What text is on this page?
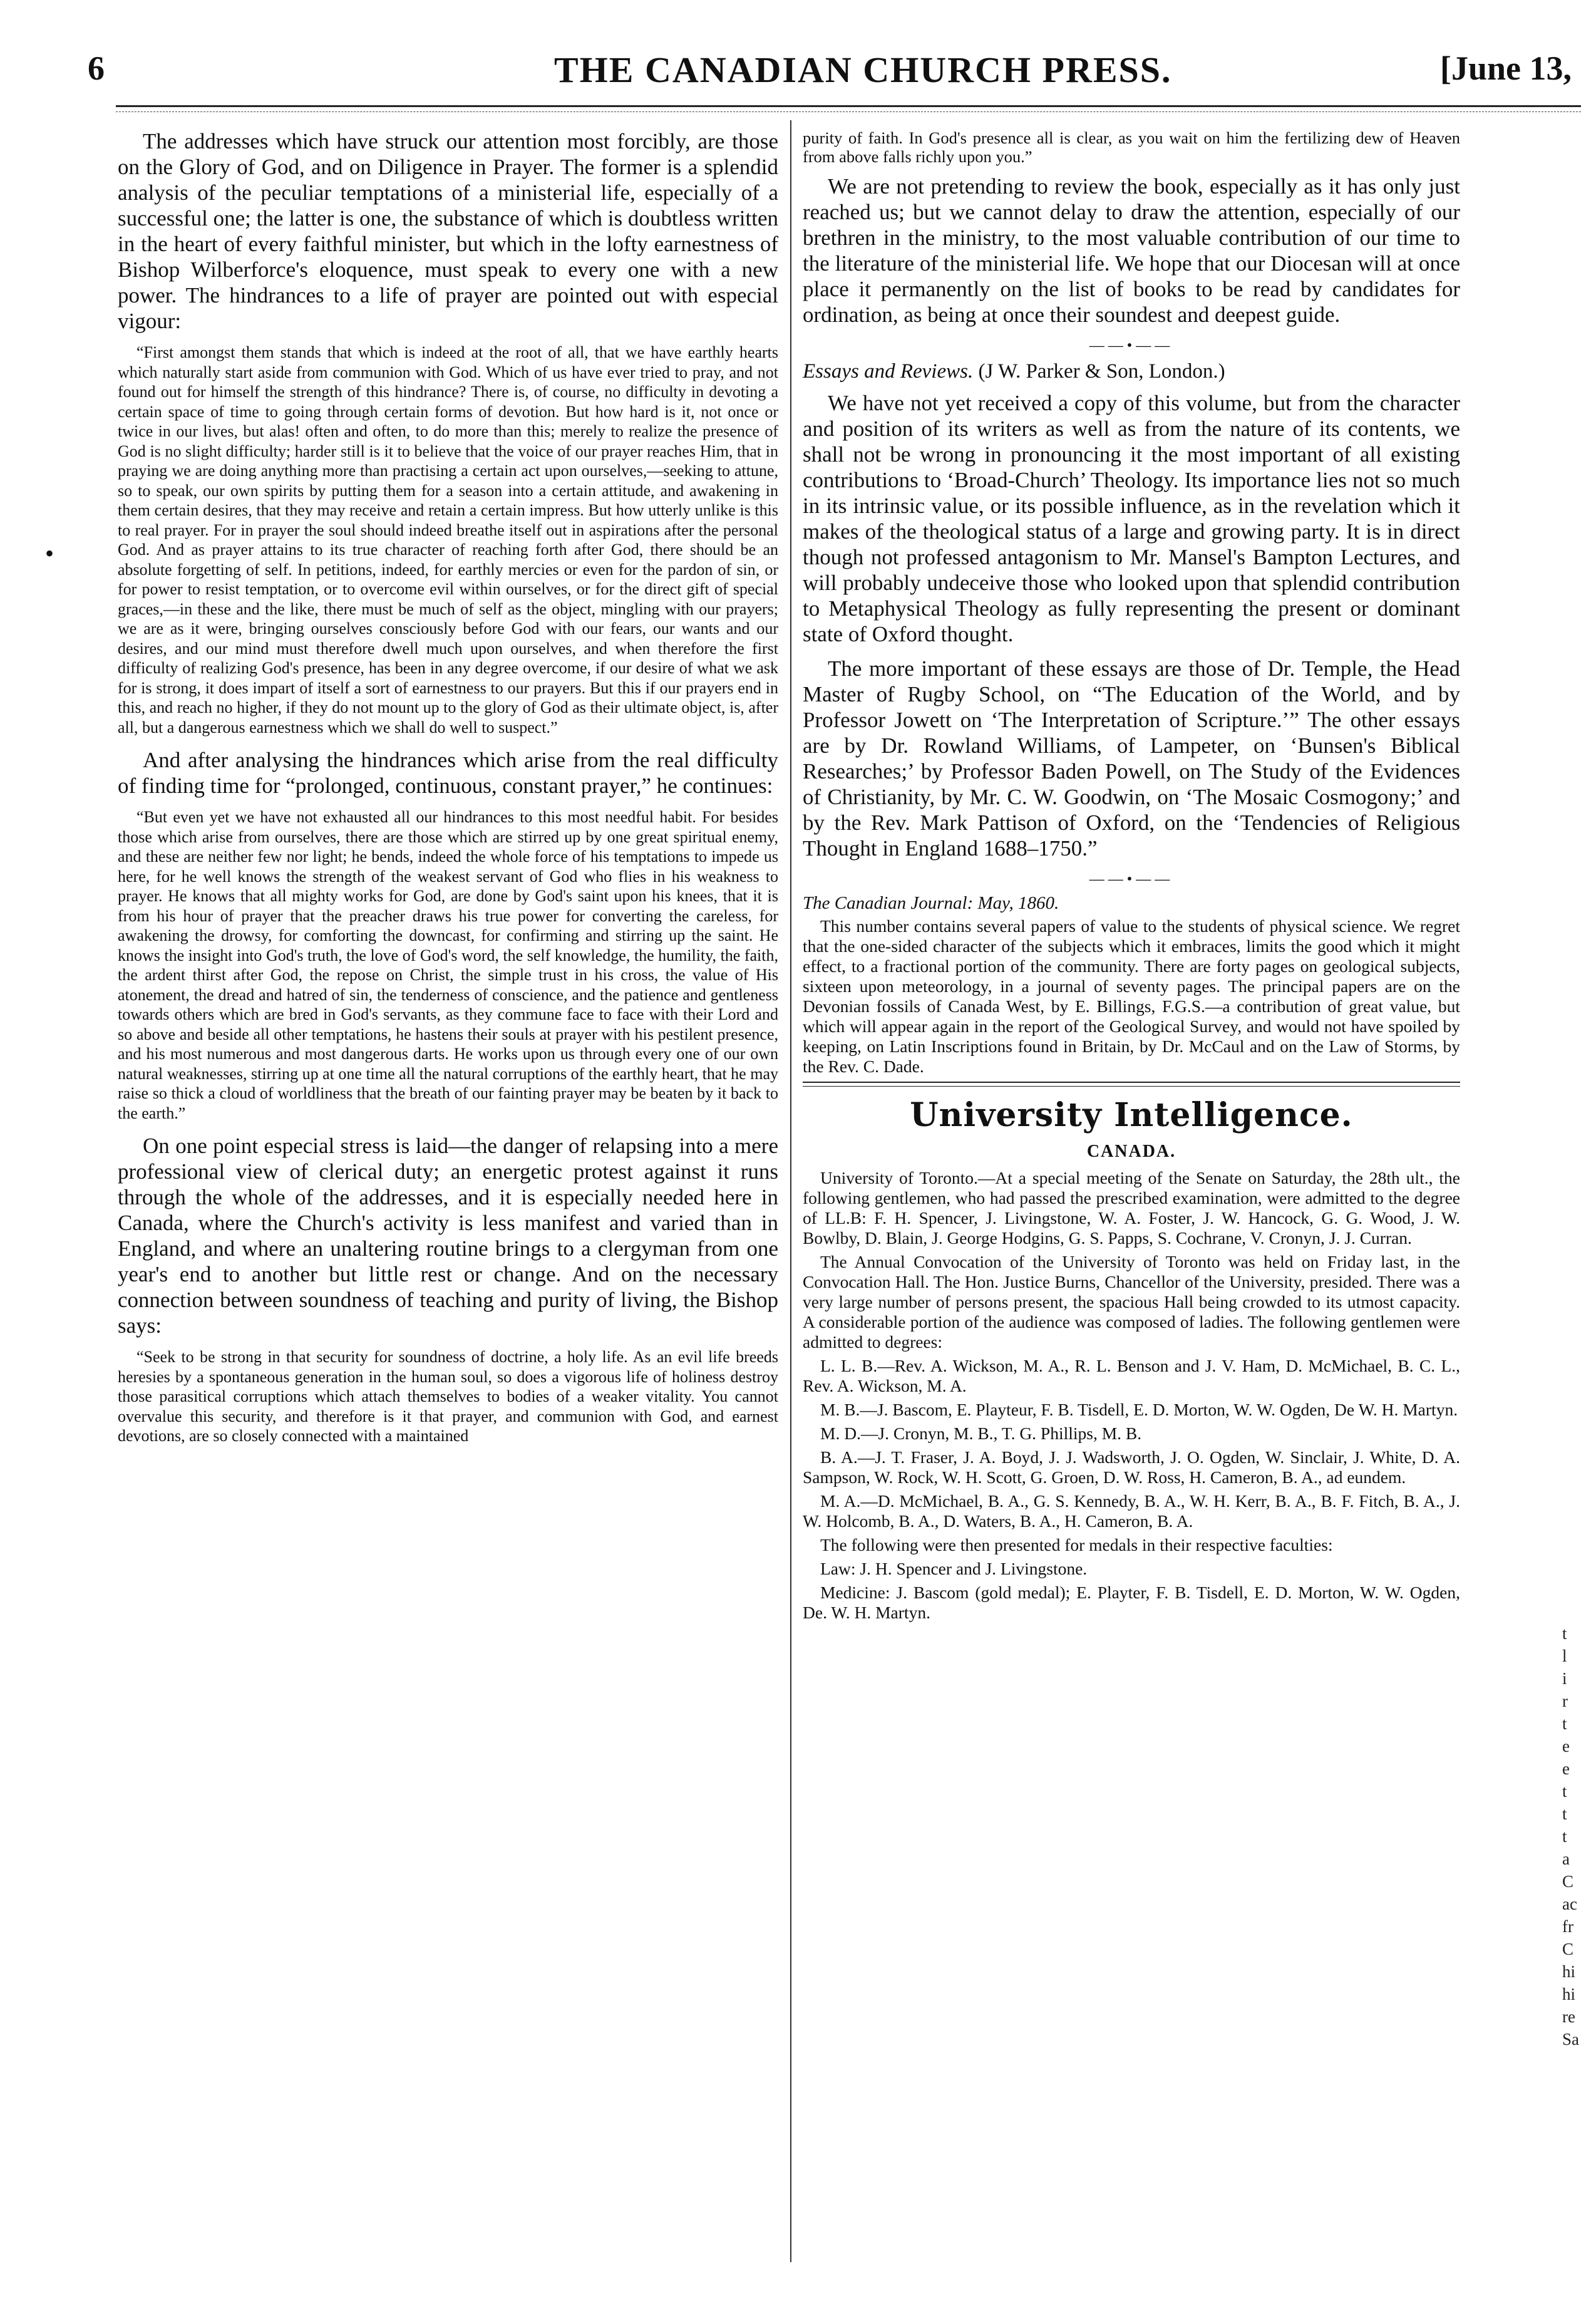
6	THE CANADIAN CHURCH PRESS.	[June 13,
•

The addresses which have struck our attention most forcibly, are those on the Glory of God, and on Diligence in Prayer. The former is a splendid analysis of the peculiar temptations of a ministerial life, especially of a successful one; the latter is one, the substance of which is doubtless written in the heart of every faithful minister, but which in the lofty earnestness of Bishop Wilberforce's eloquence, must speak to every one with a new power. The hindrances to a life of prayer are pointed out with especial vigour:

“First amongst them stands that which is indeed at the root of all, that we have earthly hearts which naturally start aside from communion with God. Which of us have ever tried to pray, and not found out for himself the strength of this hindrance? There is, of course, no difficulty in devoting a certain space of time to going through certain forms of devotion. But how hard is it, not once or twice in our lives, but alas! often and often, to do more than this; merely to realize the presence of God is no slight difficulty; harder still is it to believe that the voice of our prayer reaches Him, that in praying we are doing anything more than practising a certain act upon ourselves,—seeking to attune, so to speak, our own spirits by putting them for a season into a certain attitude, and awakening in them certain desires, that they may receive and retain a certain impress. But how utterly unlike is this to real prayer. For in prayer the soul should indeed breathe itself out in aspirations after the personal God. And as prayer attains to its true character of reaching forth after God, there should be an absolute forgetting of self. In petitions, indeed, for earthly mercies or even for the pardon of sin, or for power to resist temptation, or to overcome evil within ourselves, or for the direct gift of special graces,—in these and the like, there must be much of self as the object, mingling with our prayers; we are as it were, bringing ourselves consciously before God with our fears, our wants and our desires, and our mind must therefore dwell much upon ourselves, and when therefore the first difficulty of realizing God's presence, has been in any degree overcome, if our desire of what we ask for is strong, it does impart of itself a sort of earnestness to our prayers. But this if our prayers end in this, and reach no higher, if they do not mount up to the glory of God as their ultimate object, is, after all, but a dangerous earnestness which we shall do well to suspect.”

And after analysing the hindrances which arise from the real difficulty of finding time for “prolonged, continuous, constant prayer,” he continues:

“But even yet we have not exhausted all our hindrances to this most needful habit. For besides those which arise from ourselves, there are those which are stirred up by one great spiritual enemy, and these are neither few nor light; he bends, indeed the whole force of his temptations to impede us here, for he well knows the strength of the weakest servant of God who flies in his weakness to prayer. He knows that all mighty works for God, are done by God's saint upon his knees, that it is from his hour of prayer that the preacher draws his true power for converting the careless, for awakening the drowsy, for comforting the downcast, for confirming and stirring up the saint. He knows the insight into God's truth, the love of God's word, the self knowledge, the humility, the faith, the ardent thirst after God, the repose on Christ, the simple trust in his cross, the value of His atonement, the dread and hatred of sin, the tenderness of conscience, and the patience and gentleness towards others which are bred in God's servants, as they commune face to face with their Lord and so above and beside all other temptations, he hastens their souls at prayer with his pestilent presence, and his most numerous and most dangerous darts. He works upon us through every one of our own natural weaknesses, stirring up at one time all the natural corruptions of the earthly heart, that he may raise so thick a cloud of worldliness that the breath of our fainting prayer may be beaten by it back to the earth.”

On one point especial stress is laid—the danger of relapsing into a mere professional view of clerical duty; an energetic protest against it runs through the whole of the addresses, and it is especially needed here in Canada, where the Church's activity is less manifest and varied than in England, and where an unaltering routine brings to a clergyman from one year's end to another but little rest or change. And on the necessary connection between soundness of teaching and purity of living, the Bishop says:

“Seek to be strong in that security for soundness of doctrine, a holy life. As an evil life breeds heresies by a spontaneous generation in the human soul, so does a vigorous life of holiness destroy those parasitical corruptions which attach themselves to bodies of a weaker vitality. You cannot overvalue this security, and therefore is it that prayer, and communion with God, and earnest devotions, are so closely connected with a maintained

purity of faith. In God's presence all is clear, as you wait on him the fertilizing dew of Heaven from above falls richly upon you.”

We are not pretending to review the book, especially as it has only just reached us; but we cannot delay to draw the attention, especially of our brethren in the ministry, to the most valuable contribution of our time to the literature of the ministerial life. We hope that our Diocesan will at once place it permanently on the list of books to be read by candidates for ordination, as being at once their soundest and deepest guide.

——•——

Essays and Reviews. (J W. Parker & Son, London.)

We have not yet received a copy of this volume, but from the character and position of its writers as well as from the nature of its contents, we shall not be wrong in pronouncing it the most important of all existing contributions to ‘Broad-Church’ Theology. Its importance lies not so much in its intrinsic value, or its possible influence, as in the revelation which it makes of the theological status of a large and growing party. It is in direct though not professed antagonism to Mr. Mansel's Bampton Lectures, and will probably undeceive those who looked upon that splendid contribution to Metaphysical Theology as fully representing the present or dominant state of Oxford thought.

The more important of these essays are those of Dr. Temple, the Head Master of Rugby School, on “The Education of the World, and by Professor Jowett on ‘The Interpretation of Scripture.’” The other essays are by Dr. Rowland Williams, of Lampeter, on ‘Bunsen's Biblical Researches;’ by Professor Baden Powell, on The Study of the Evidences of Christianity, by Mr. C. W. Goodwin, on ‘The Mosaic Cosmogony;’ and by the Rev. Mark Pattison of Oxford, on the ‘Tendencies of Religious Thought in England 1688–1750.”

——•——

The Canadian Journal: May, 1860.

This number contains several papers of value to the students of physical science. We regret that the one-sided character of the subjects which it embraces, limits the good which it might effect, to a fractional portion of the community. There are forty pages on geological subjects, sixteen upon meteorology, in a journal of seventy pages. The principal papers are on the Devonian fossils of Canada West, by E. Billings, F.G.S.—a contribution of great value, but which will appear again in the report of the Geological Survey, and would not have spoiled by keeping, on Latin Inscriptions found in Britain, by Dr. McCaul and on the Law of Storms, by the Rev. C. Dade.

University Intelligence.
CANADA.

University of Toronto.—At a special meeting of the Senate on Saturday, the 28th ult., the following gentlemen, who had passed the prescribed examination, were admitted to the degree of LL.B: F. H. Spencer, J. Livingstone, W. A. Foster, J. W. Hancock, G. G. Wood, J. W. Bowlby, D. Blain, J. George Hodgins, G. S. Papps, S. Cochrane, V. Cronyn, J. J. Curran.

The Annual Convocation of the University of Toronto was held on Friday last, in the Convocation Hall. The Hon. Justice Burns, Chancellor of the University, presided. There was a very large number of persons present, the spacious Hall being crowded to its utmost capacity. A considerable portion of the audience was composed of ladies. The following gentlemen were admitted to degrees:

L. L. B.—Rev. A. Wickson, M. A., R. L. Benson and J. V. Ham, D. McMichael, B. C. L., Rev. A. Wickson, M. A.

M. B.—J. Bascom, E. Playteur, F. B. Tisdell, E. D. Morton, W. W. Ogden, De W. H. Martyn.

M. D.—J. Cronyn, M. B., T. G. Phillips, M. B.

B. A.—J. T. Fraser, J. A. Boyd, J. J. Wadsworth, J. O. Ogden, W. Sinclair, J. White, D. A. Sampson, W. Rock, W. H. Scott, G. Groen, D. W. Ross, H. Cameron, B. A., ad eundem.

M. A.—D. McMichael, B. A., G. S. Kennedy, B. A., W. H. Kerr, B. A., B. F. Fitch, B. A., J. W. Holcomb, B. A., D. Waters, B. A., H. Cameron, B. A.

The following were then presented for medals in their respective faculties:

Law: J. H. Spencer and J. Livingstone.

Medicine: J. Bascom (gold medal); E. Playter, F. B. Tisdell, E. D. Morton, W. W. Ogden, De. W. H. Martyn.

t
l
i
r
t
e
e
t
t
t
a
C
ac
fr
C
hi
hi
re
Sa
